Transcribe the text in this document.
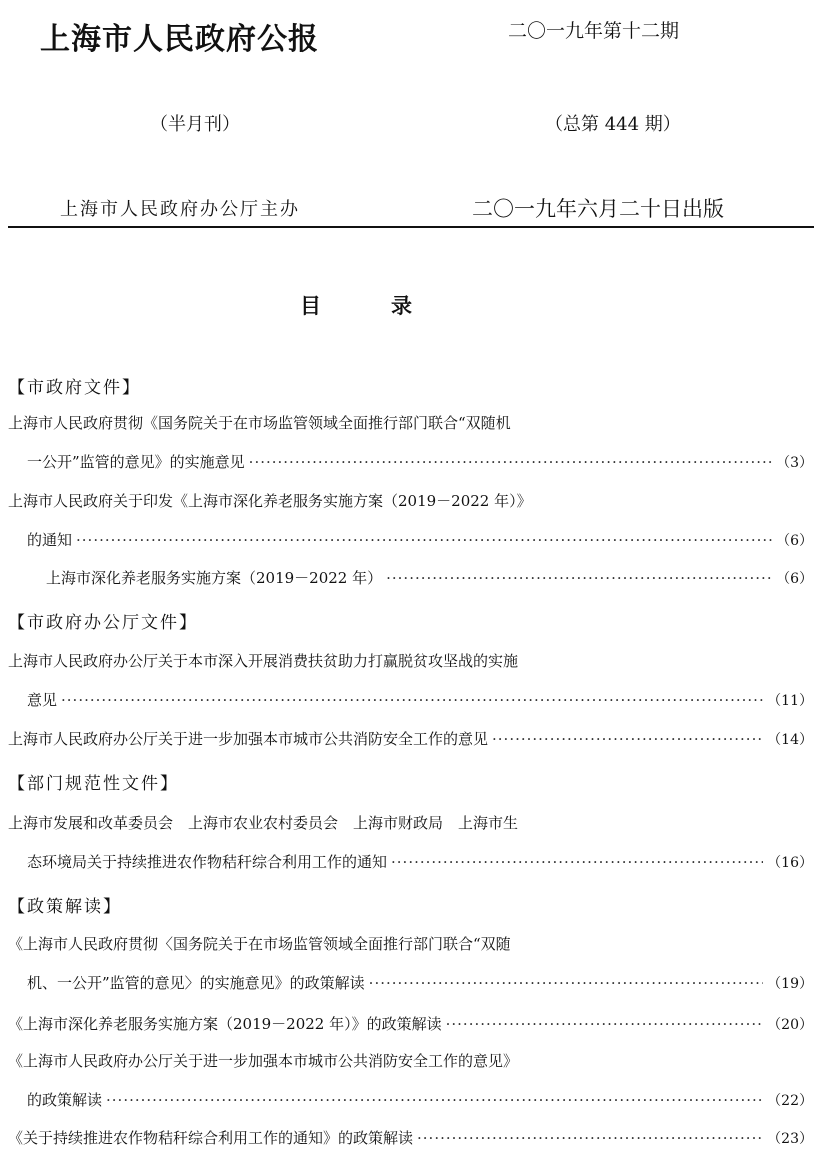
上海市人民政府公报	二〇一九年第十二期
（半月刊）	（总第 444 期）
上海市人民政府办公厅主办	二〇一九年六月二十日出版
目录
【市政府文件】
上海市人民政府贯彻《国务院关于在市场监管领域全面推行部门联合“双随机
一公开”监管的意见》的实施意见 ·····	（3）
上海市人民政府关于印发《上海市深化养老服务实施方案（2019－2022 年）》
的通知 ·····	（6）
上海市深化养老服务实施方案（2019－2022 年） ·····	（6）
【市政府办公厅文件】
上海市人民政府办公厅关于本市深入开展消费扶贫助力打赢脱贫攻坚战的实施
意见 ·····	（11）
上海市人民政府办公厅关于进一步加强本市城市公共消防安全工作的意见 ·····	（14）
【部门规范性文件】
上海市发展和改革委员会　上海市农业农村委员会　上海市财政局　上海市生
态环境局关于持续推进农作物秸秆综合利用工作的通知 ·····	（16）
【政策解读】
《上海市人民政府贯彻〈国务院关于在市场监管领域全面推行部门联合“双随
机、一公开”监管的意见〉的实施意见》的政策解读 ·····	（19）
《上海市深化养老服务实施方案（2019－2022 年）》的政策解读 ·····	（20）
《上海市人民政府办公厅关于进一步加强本市城市公共消防安全工作的意见》
的政策解读 ·····	（22）
《关于持续推进农作物秸秆综合利用工作的通知》的政策解读 ·····	（23）
